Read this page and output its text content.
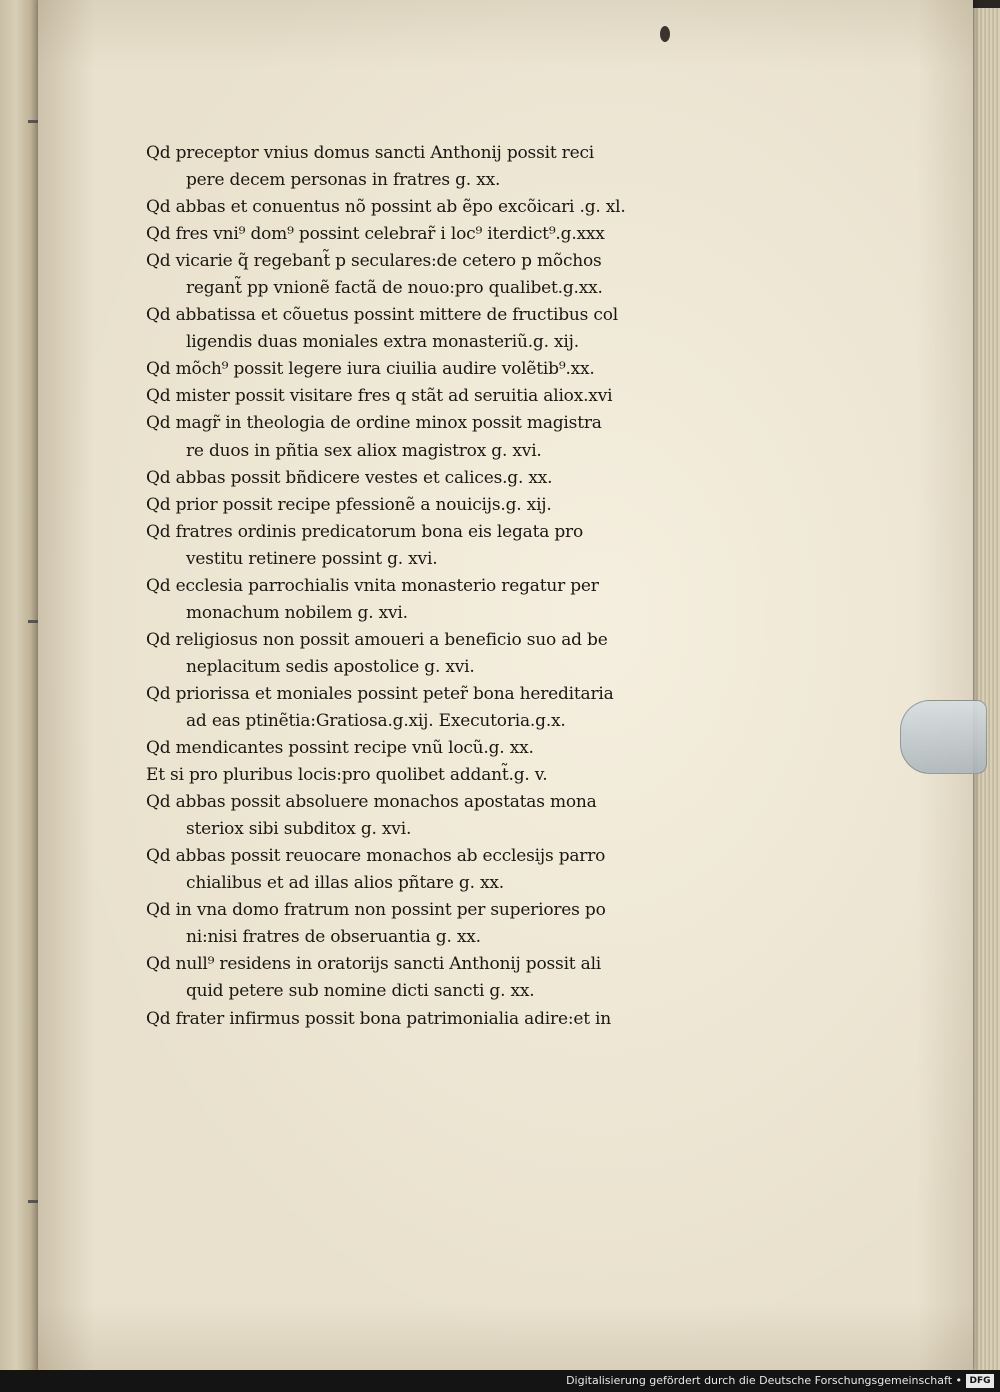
Qd preceptor vnius domus sancti Anthonij possit reci
pere decem personas in fratres g. xx.
Qd abbas et conuentus nõ possint ab ẽpo excõicari .g. xl.
Qd fres vni⁹ dom⁹ possint celebrar̃ i loc⁹ iterdict⁹.g.xxx
Qd vicarie q̃ regebant̃ p seculares:de cetero p mõchos
regant̃ pp vnionẽ factã de nouo:pro qualibet.g.xx.
Qd abbatissa et cõuetus possint mittere de fructibus col
ligendis duas moniales extra monasteriũ.g. xij.
Qd mõch⁹ possit legere iura ciuilia audire volẽtib⁹.xx.
Qd mister possit visitare fres q stãt ad seruitia aliox.xvi
Qd magr̃ in theologia de ordine minox possit magistra
re duos in pñtia sex aliox magistrox g. xvi.
Qd abbas possit bñdicere vestes et calices.g. xx.
Qd prior possit recipe pfessionẽ a nouicijs.g. xij.
Qd fratres ordinis predicatorum bona eis legata pro
vestitu retinere possint g. xvi.
Qd ecclesia parrochialis vnita monasterio regatur per
monachum nobilem g. xvi.
Qd religiosus non possit amoueri a beneficio suo ad be
neplacitum sedis apostolice g. xvi.
Qd priorissa et moniales possint peter̃ bona hereditaria
ad eas ptinẽtia:Gratiosa.g.xij. Executoria.g.x.
Qd mendicantes possint recipe vnũ locũ.g. xx.
Et si pro pluribus locis:pro quolibet addant̃.g. v.
Qd abbas possit absoluere monachos apostatas mona
steriox sibi subditox g. xvi.
Qd abbas possit reuocare monachos ab ecclesijs parro
chialibus et ad illas alios pñtare g. xx.
Qd in vna domo fratrum non possint per superiores po
ni:nisi fratres de obseruantia g. xx.
Qd null⁹ residens in oratorijs sancti Anthonij possit ali
quid petere sub nomine dicti sancti g. xx.
Qd frater infirmus possit bona patrimonialia adire:et in
Digitalisierung gefördert durch die Deutsche Forschungsgemeinschaft • DFG
